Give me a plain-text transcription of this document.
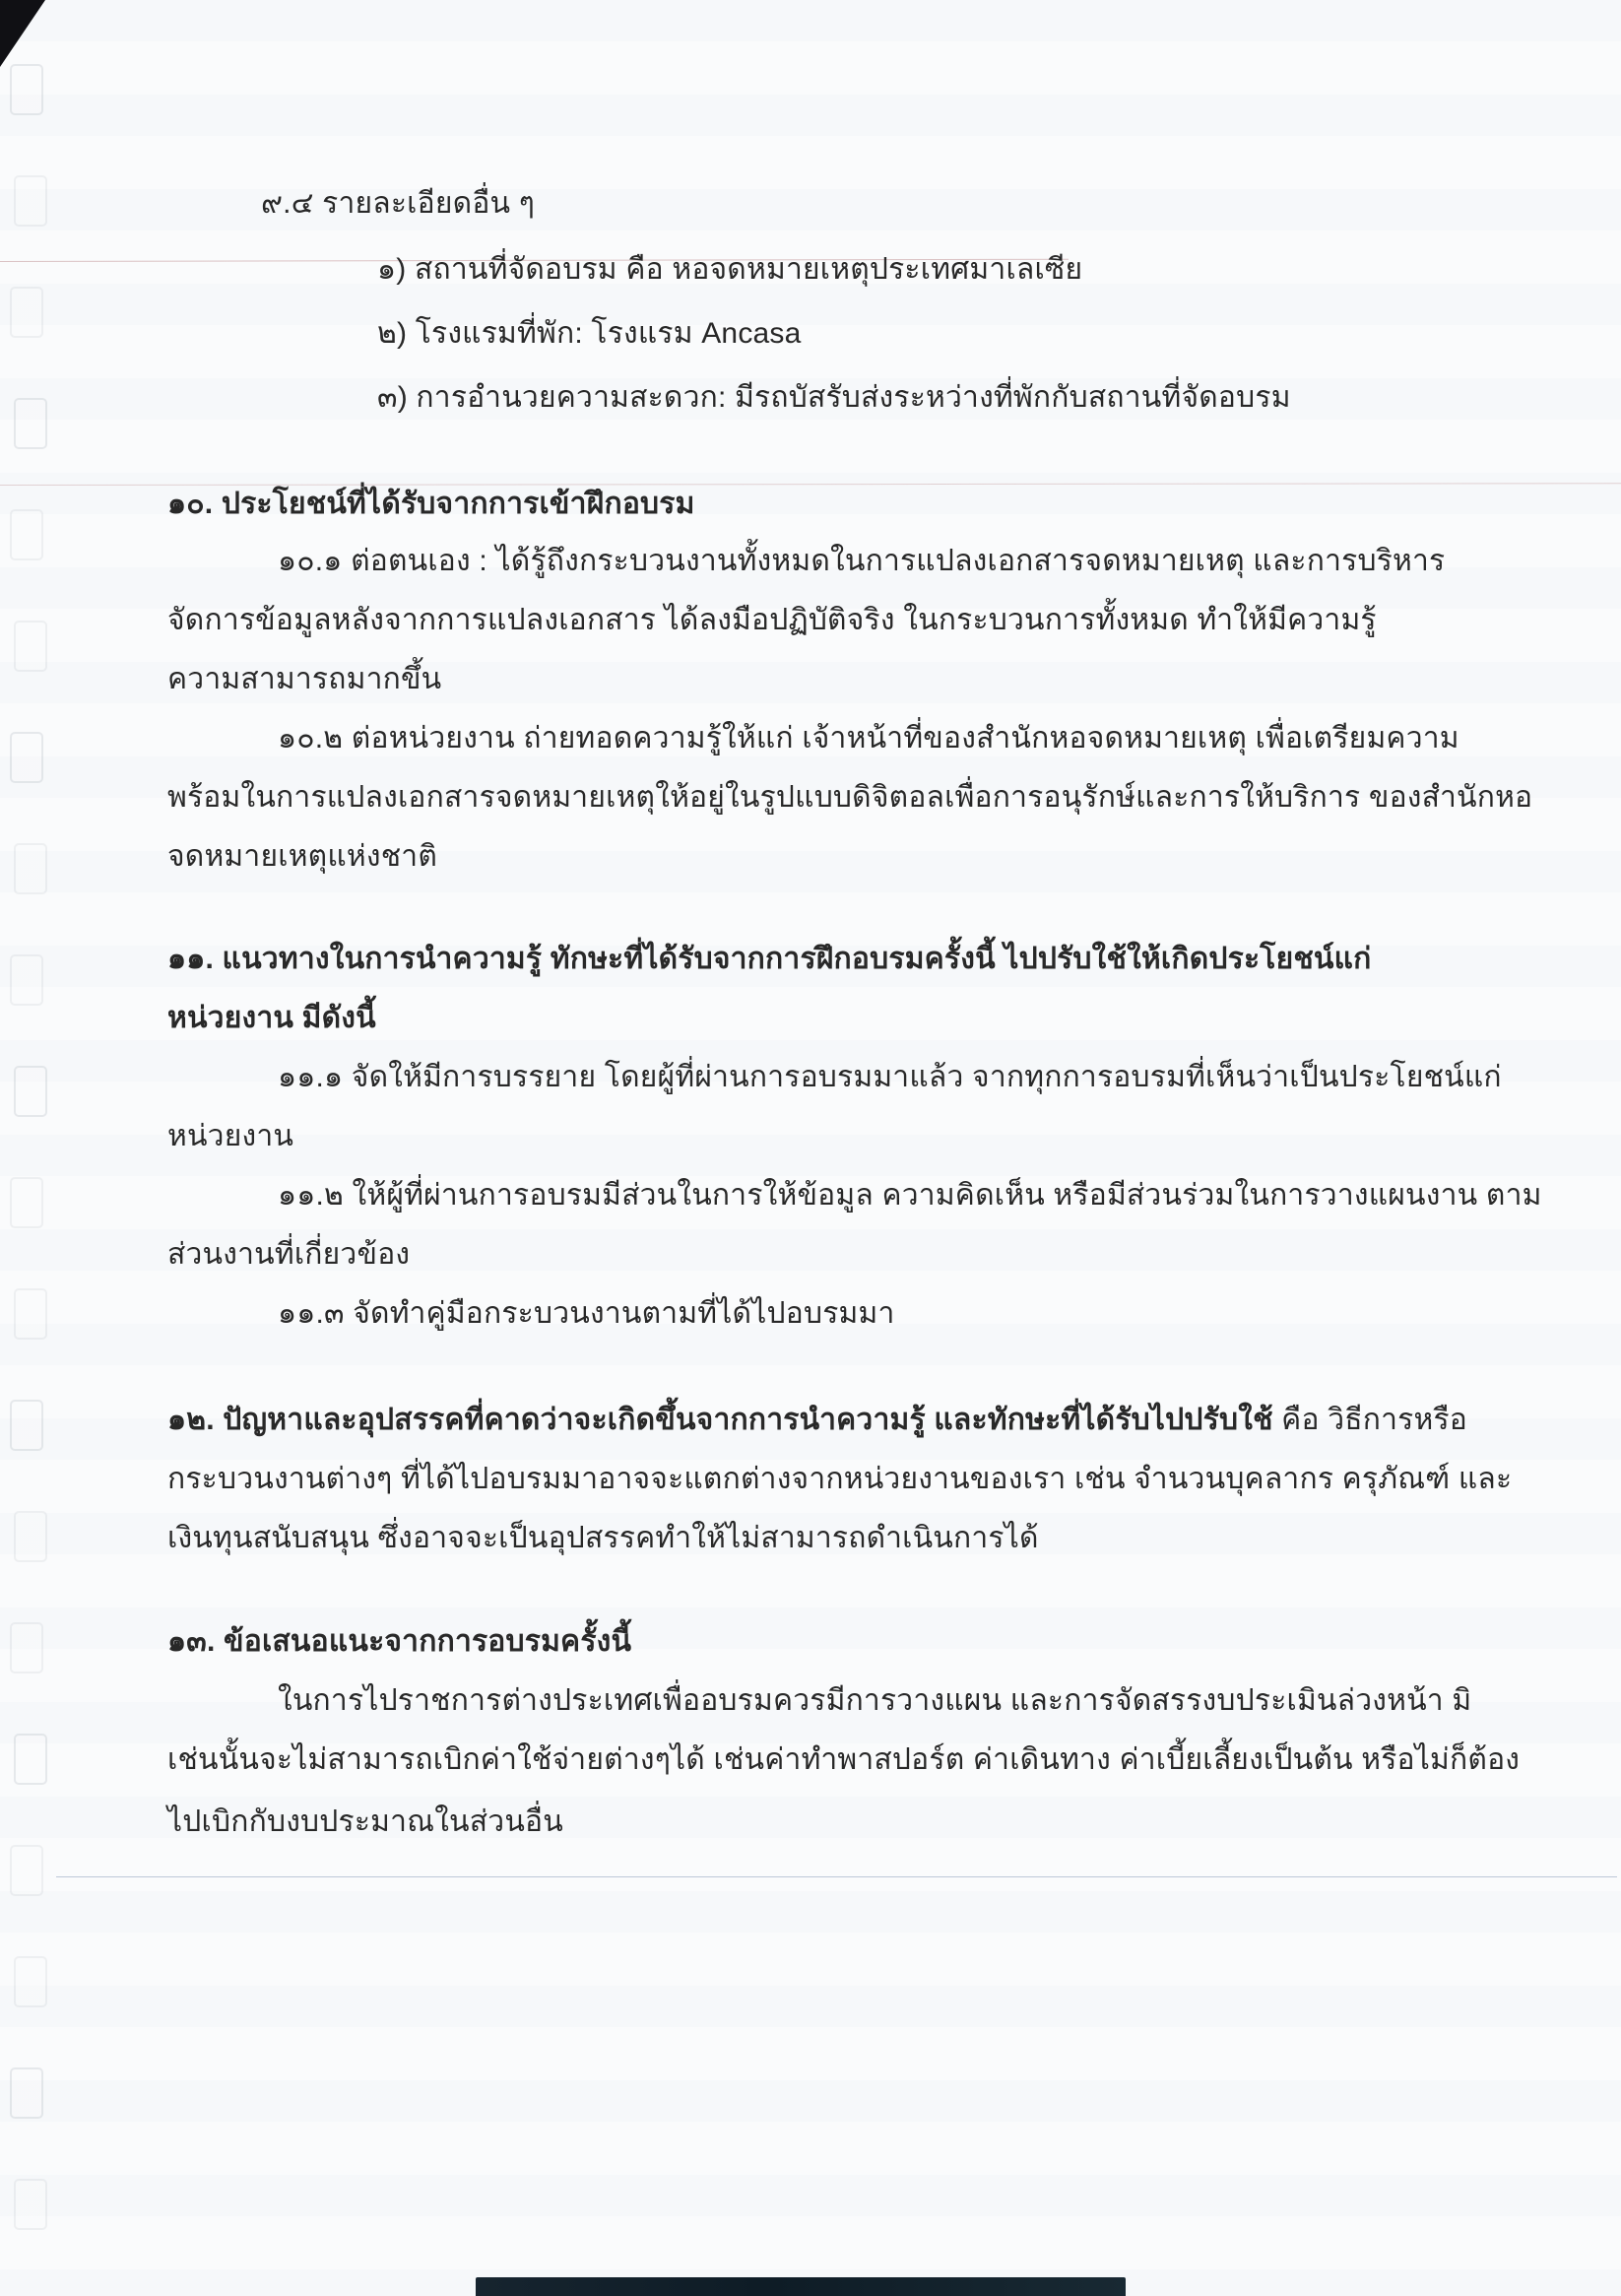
๙.๔ รายละเอียดอื่น ๆ
๑) สถานที่จัดอบรม คือ หอจดหมายเหตุประเทศมาเลเซีย
๒) โรงแรมที่พัก: โรงแรม Ancasa
๓) การอำนวยความสะดวก: มีรถบัสรับส่งระหว่างที่พักกับสถานที่จัดอบรม
๑๐. ประโยชน์ที่ได้รับจากการเข้าฝึกอบรม
๑๐.๑ ต่อตนเอง : ได้รู้ถึงกระบวนงานทั้งหมดในการแปลงเอกสารจดหมายเหตุ และการบริหาร
จัดการข้อมูลหลังจากการแปลงเอกสาร ได้ลงมือปฏิบัติจริง ในกระบวนการทั้งหมด ทำให้มีความรู้
ความสามารถมากขึ้น
๑๐.๒ ต่อหน่วยงาน ถ่ายทอดความรู้ให้แก่ เจ้าหน้าที่ของสำนักหอจดหมายเหตุ เพื่อเตรียมความ
พร้อมในการแปลงเอกสารจดหมายเหตุให้อยู่ในรูปแบบดิจิตอลเพื่อการอนุรักษ์และการให้บริการ ของสำนักหอ
จดหมายเหตุแห่งชาติ
๑๑. แนวทางในการนำความรู้ ทักษะที่ได้รับจากการฝึกอบรมครั้งนี้ ไปปรับใช้ให้เกิดประโยชน์แก่
หน่วยงาน มีดังนี้
๑๑.๑ จัดให้มีการบรรยาย โดยผู้ที่ผ่านการอบรมมาแล้ว จากทุกการอบรมที่เห็นว่าเป็นประโยชน์แก่
หน่วยงาน
๑๑.๒ ให้ผู้ที่ผ่านการอบรมมีส่วนในการให้ข้อมูล ความคิดเห็น หรือมีส่วนร่วมในการวางแผนงาน ตาม
ส่วนงานที่เกี่ยวข้อง
๑๑.๓ จัดทำคู่มือกระบวนงานตามที่ได้ไปอบรมมา
๑๒. ปัญหาและอุปสรรคที่คาดว่าจะเกิดขึ้นจากการนำความรู้ และทักษะที่ได้รับไปปรับใช้ คือ วิธีการหรือ
กระบวนงานต่างๆ ที่ได้ไปอบรมมาอาจจะแตกต่างจากหน่วยงานของเรา เช่น จำนวนบุคลากร ครุภัณฑ์ และ
เงินทุนสนับสนุน ซึ่งอาจจะเป็นอุปสรรคทำให้ไม่สามารถดำเนินการได้
๑๓. ข้อเสนอแนะจากการอบรมครั้งนี้
ในการไปราชการต่างประเทศเพื่ออบรมควรมีการวางแผน และการจัดสรรงบประเมินล่วงหน้า มิ
เช่นนั้นจะไม่สามารถเบิกค่าใช้จ่ายต่างๆได้ เช่นค่าทำพาสปอร์ต ค่าเดินทาง ค่าเบี้ยเลี้ยงเป็นต้น หรือไม่ก็ต้อง
ไปเบิกกับงบประมาณในส่วนอื่น
